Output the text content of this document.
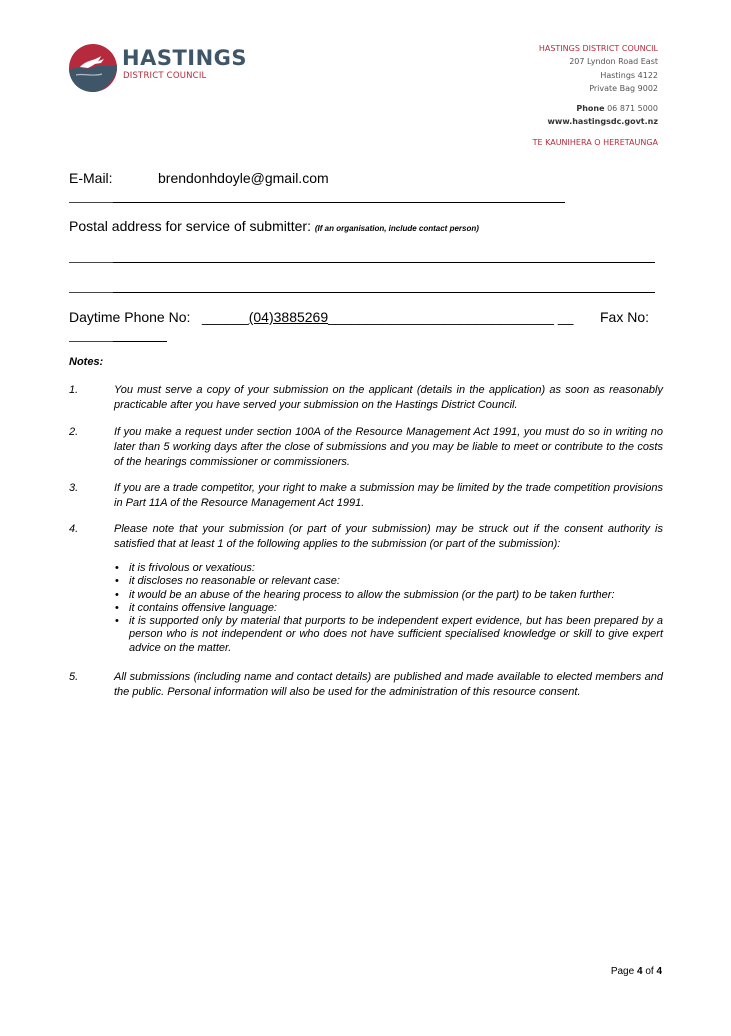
HASTINGS
DISTRICT COUNCIL
HASTINGS DISTRICT COUNCIL
207 Lyndon Road East
Hastings 4122
Private Bag 9002
Phone 06 871 5000
www.hastingsdc.govt.nz
TE KAUNIHERA O HERETAUNGA
E-Mail:	brendonhdoyle@gmail.com
Postal address for service of submitter: (If an organisation, include contact person)
Daytime Phone No: ______(04)3885269_____________________________ __ Fax No:
Notes:
1.	You must serve a copy of your submission on the applicant (details in the application) as soon as reasonably practicable after you have served your submission on the Hastings District Council.
2.	If you make a request under section 100A of the Resource Management Act 1991, you must do so in writing no later than 5 working days after the close of submissions and you may be liable to meet or contribute to the costs of the hearings commissioner or commissioners.
3.	If you are a trade competitor, your right to make a submission may be limited by the trade competition provisions in Part 11A of the Resource Management Act 1991.
4.	Please note that your submission (or part of your submission) may be struck out if the consent authority is satisfied that at least 1 of the following applies to the submission (or part of the submission):
• it is frivolous or vexatious:
• it discloses no reasonable or relevant case:
• it would be an abuse of the hearing process to allow the submission (or the part) to be taken further:
• it contains offensive language:
• it is supported only by material that purports to be independent expert evidence, but has been prepared by a person who is not independent or who does not have sufficient specialised knowledge or skill to give expert advice on the matter.
5.	All submissions (including name and contact details) are published and made available to elected members and the public. Personal information will also be used for the administration of this resource consent.
Page 4 of 4
